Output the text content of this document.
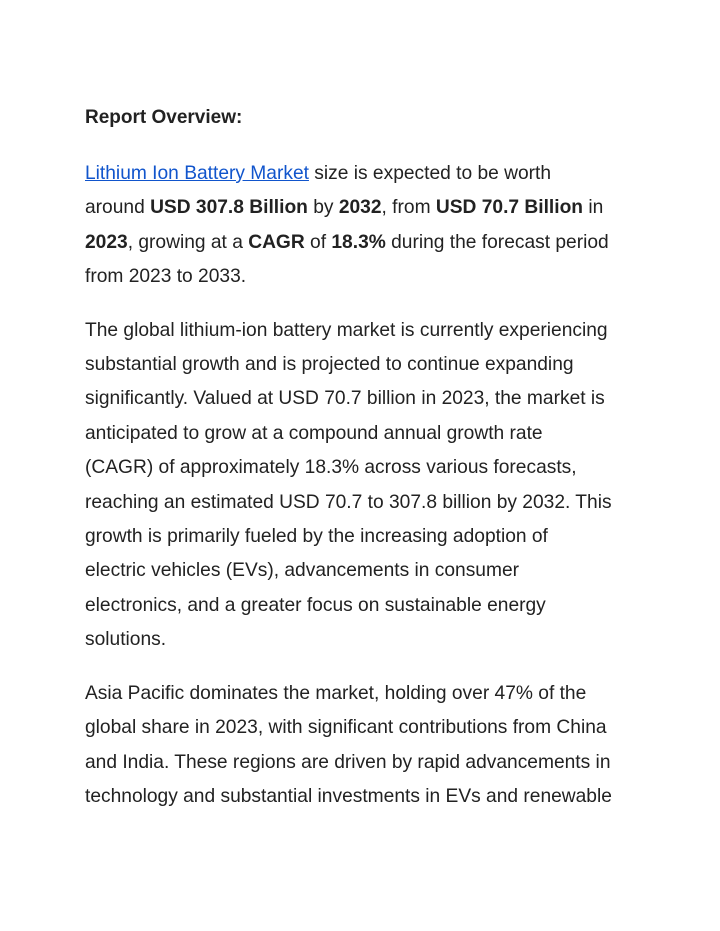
Report Overview:
Lithium Ion Battery Market size is expected to be worth
around USD 307.8 Billion by 2032, from USD 70.7 Billion in
2023, growing at a CAGR of 18.3% during the forecast period
from 2023 to 2033.
The global lithium-ion battery market is currently experiencing
substantial growth and is projected to continue expanding
significantly. Valued at USD 70.7 billion in 2023, the market is
anticipated to grow at a compound annual growth rate
(CAGR) of approximately 18.3% across various forecasts,
reaching an estimated USD 70.7 to 307.8 billion by 2032. This
growth is primarily fueled by the increasing adoption of
electric vehicles (EVs), advancements in consumer
electronics, and a greater focus on sustainable energy
solutions.
Asia Pacific dominates the market, holding over 47% of the
global share in 2023, with significant contributions from China
and India. These regions are driven by rapid advancements in
technology and substantial investments in EVs and renewable
